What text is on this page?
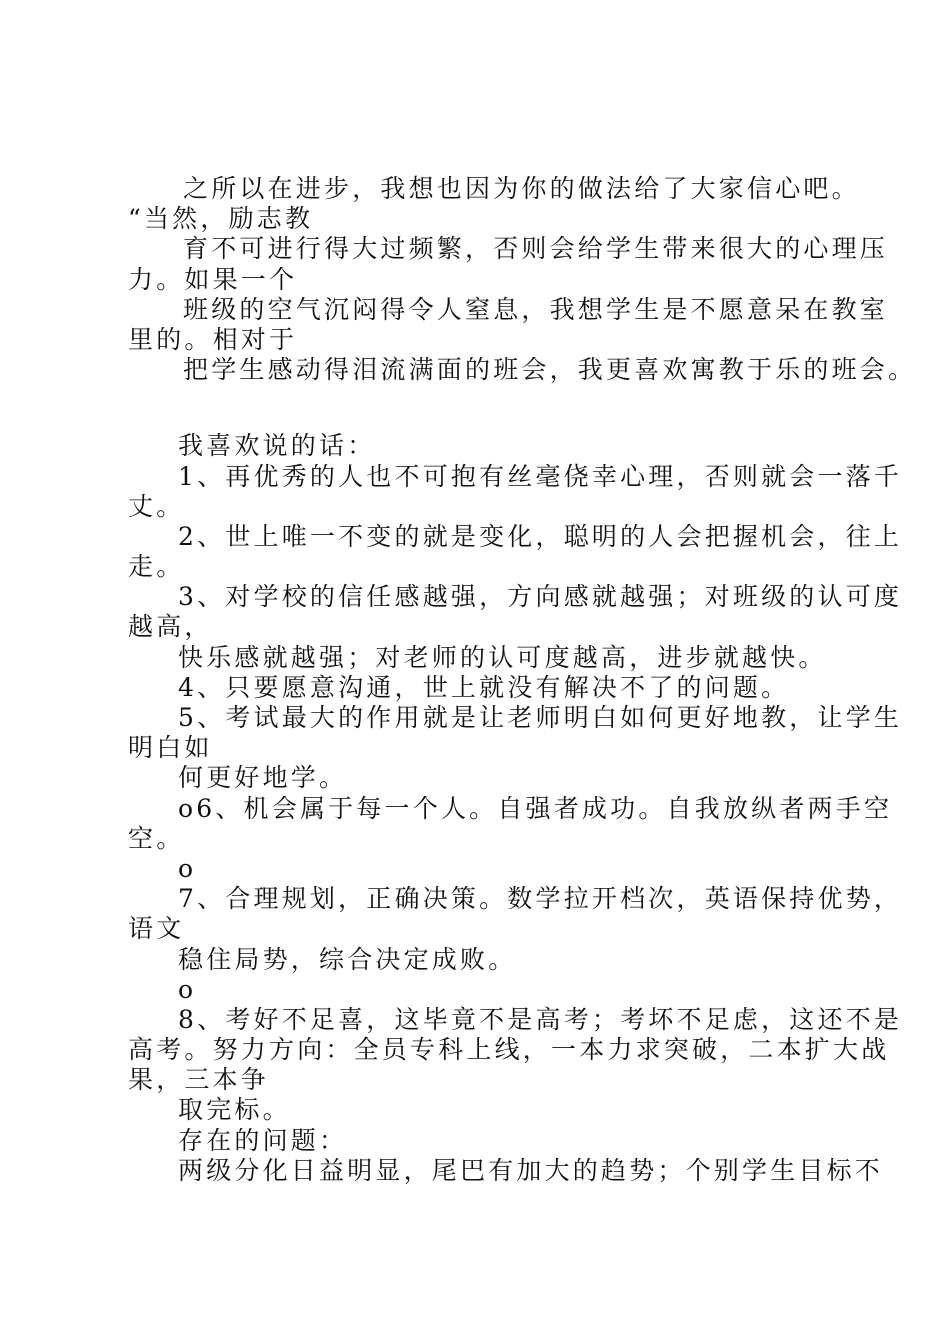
之所以在进步，我想也因为你的做法给了大家信心吧。
“当然，励志教
育不可进行得大过频繁，否则会给学生带来很大的心理压
力。如果一个
班级的空气沉闷得令人窒息，我想学生是不愿意呆在教室
里的。相对于
把学生感动得泪流满面的班会，我更喜欢寓教于乐的班会。
我喜欢说的话：
1、再优秀的人也不可抱有丝毫侥幸心理，否则就会一落千
丈。
2、世上唯一不变的就是变化，聪明的人会把握机会，往上
走。
3、对学校的信任感越强，方向感就越强；对班级的认可度
越高，
快乐感就越强；对老师的认可度越高，进步就越快。
4、只要愿意沟通，世上就没有解决不了的问题。
5、考试最大的作用就是让老师明白如何更好地教，让学生
明白如
何更好地学。
o6、机会属于每一个人。自强者成功。自我放纵者两手空
空。
o
7、合理规划，正确决策。数学拉开档次，英语保持优势，
语文
稳住局势，综合决定成败。
o
8、考好不足喜，这毕竟不是高考；考坏不足虑，这还不是
高考。努力方向：全员专科上线，一本力求突破，二本扩大战
果，三本争
取完标。
存在的问题：
两级分化日益明显，尾巴有加大的趋势；个别学生目标不
